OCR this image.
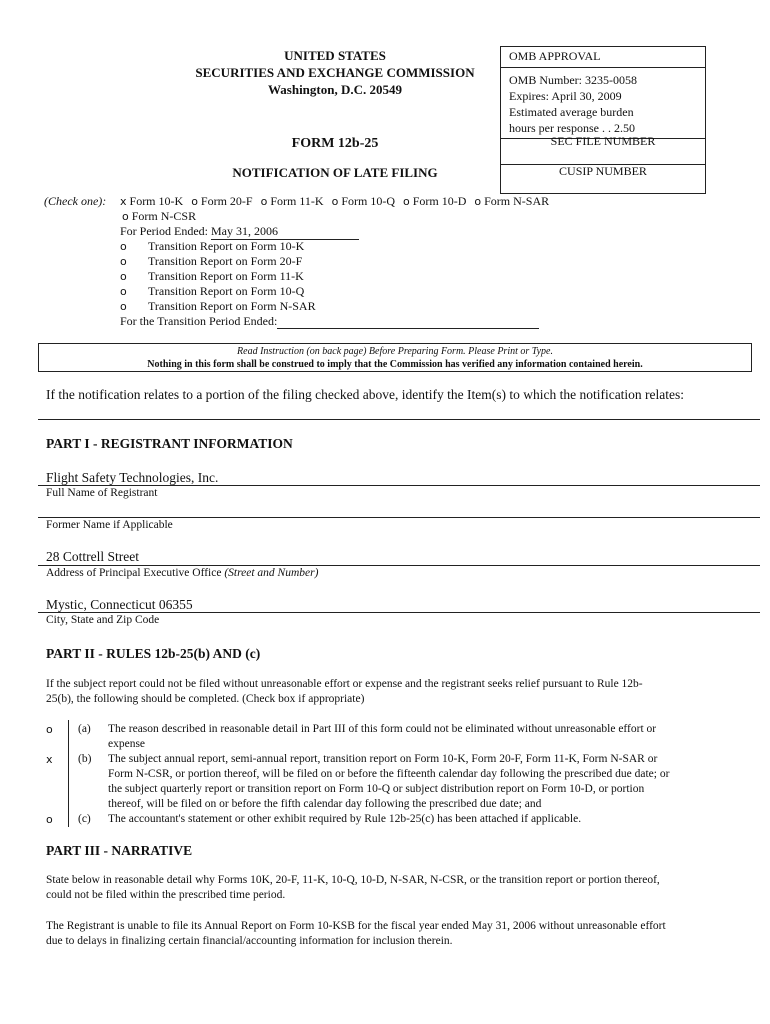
UNITED STATES
SECURITIES AND EXCHANGE COMMISSION
Washington, D.C. 20549
FORM 12b-25
NOTIFICATION OF LATE FILING
OMB APPROVAL
OMB Number: 3235-0058
Expires: April 30, 2009
Estimated average burden
hours per response . . 2.50
SEC FILE NUMBER
CUSIP NUMBER
(Check one): x Form 10-K o Form 20-F o Form 11-K o Form 10-Q o Form 10-D o Form N-SAR
o Form N-CSR
For Period Ended: May 31, 2006
o Transition Report on Form 10-K
o Transition Report on Form 20-F
o Transition Report on Form 11-K
o Transition Report on Form 10-Q
o Transition Report on Form N-SAR
For the Transition Period Ended:
Read Instruction (on back page) Before Preparing Form. Please Print or Type.
Nothing in this form shall be construed to imply that the Commission has verified any information contained herein.
If the notification relates to a portion of the filing checked above, identify the Item(s) to which the notification relates:
PART I - REGISTRANT INFORMATION
Flight Safety Technologies, Inc.
Full Name of Registrant
Former Name if Applicable
28 Cottrell Street
Address of Principal Executive Office (Street and Number)
Mystic, Connecticut 06355
City, State and Zip Code
PART II - RULES 12b-25(b) AND (c)
If the subject report could not be filed without unreasonable effort or expense and the registrant seeks relief pursuant to Rule 12b-
25(b), the following should be completed. (Check box if appropriate)
o (a) The reason described in reasonable detail in Part III of this form could not be eliminated without unreasonable effort or
expense
x (b) The subject annual report, semi-annual report, transition report on Form 10-K, Form 20-F, Form 11-K, Form N-SAR or
Form N-CSR, or portion thereof, will be filed on or before the fifteenth calendar day following the prescribed due date; or
the subject quarterly report or transition report on Form 10-Q or subject distribution report on Form 10-D, or portion
thereof, will be filed on or before the fifth calendar day following the prescribed due date; and
o (c) The accountant's statement or other exhibit required by Rule 12b-25(c) has been attached if applicable.
PART III - NARRATIVE
State below in reasonable detail why Forms 10K, 20-F, 11-K, 10-Q, 10-D, N-SAR, N-CSR, or the transition report or portion thereof,
could not be filed within the prescribed time period.
The Registrant is unable to file its Annual Report on Form 10-KSB for the fiscal year ended May 31, 2006 without unreasonable effort
due to delays in finalizing certain financial/accounting information for inclusion therein.
